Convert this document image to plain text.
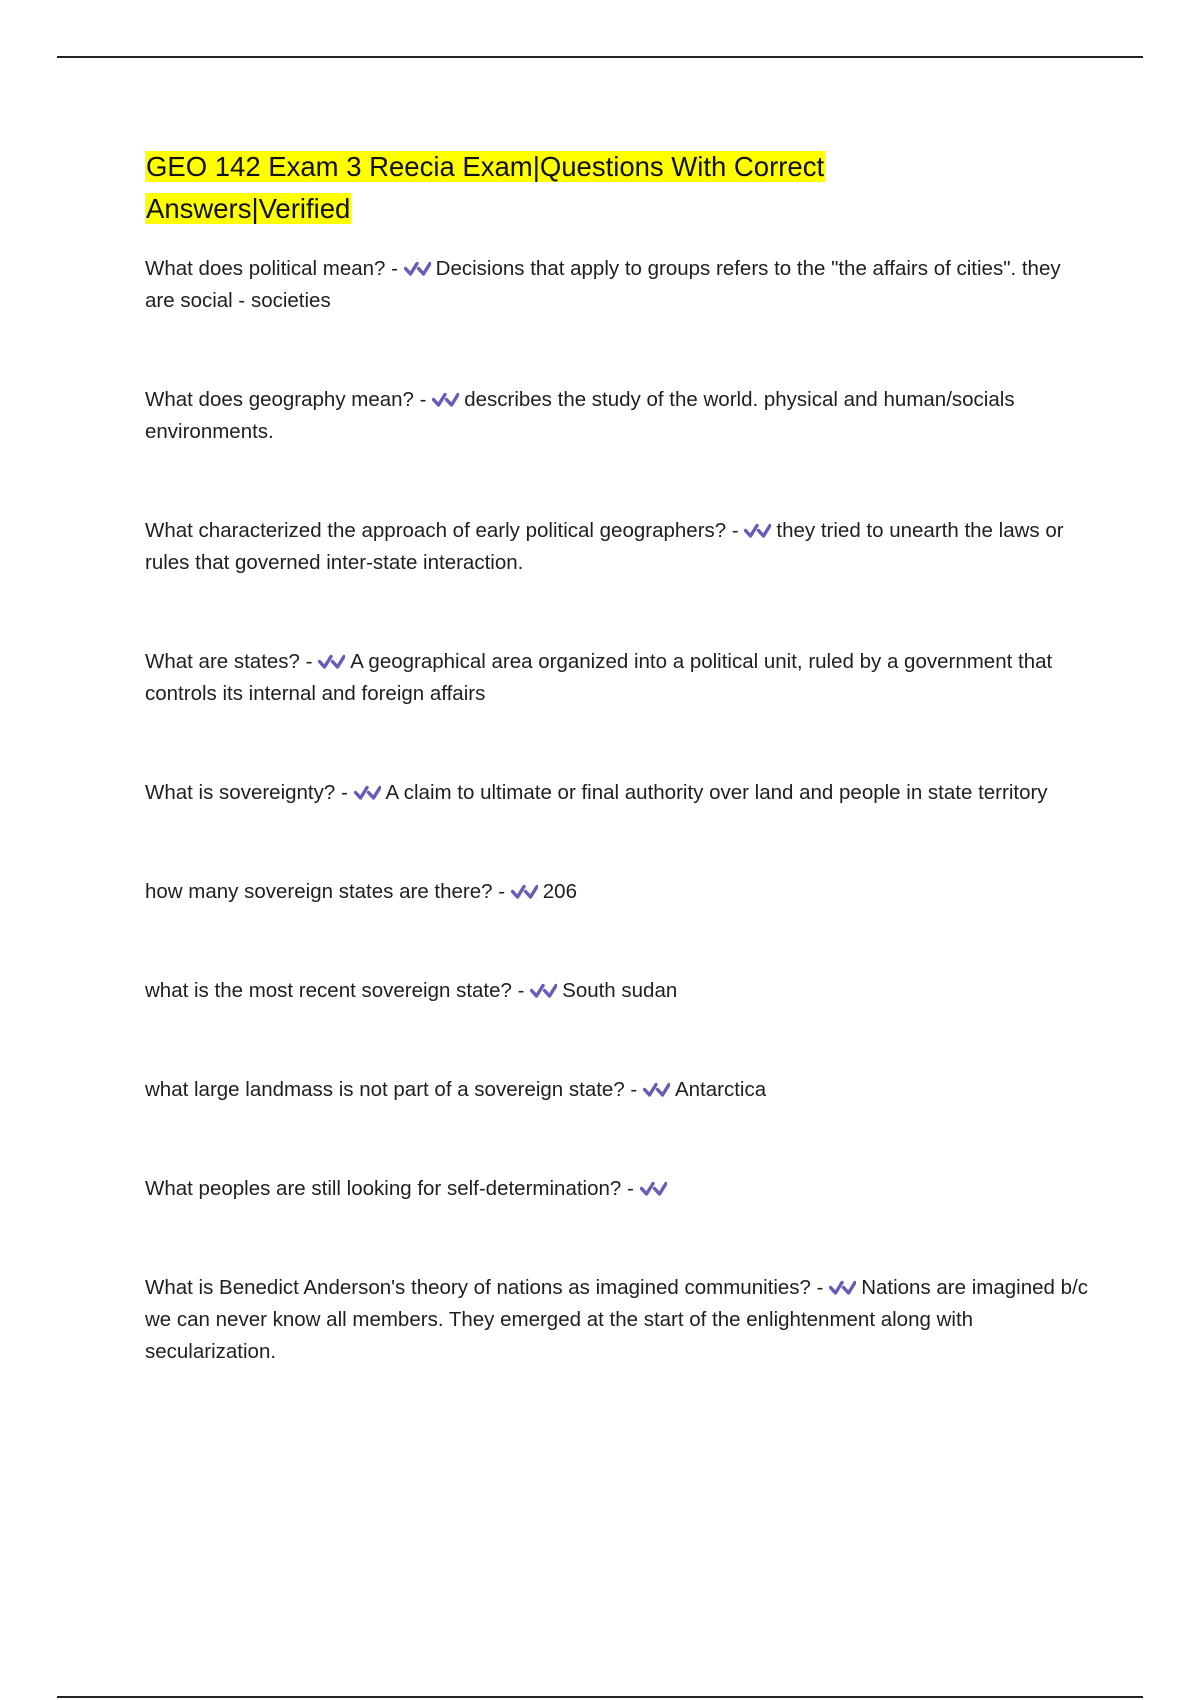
GEO 142 Exam 3 Reecia Exam|Questions With Correct
Answers|Verified

What does political mean? - Decisions that apply to groups refers to the "the affairs of cities". they are social - societies

What does geography mean? - describes the study of the world. physical and human/socials environments.

What characterized the approach of early political geographers? - they tried to unearth the laws or rules that governed inter-state interaction.

What are states? - A geographical area organized into a political unit, ruled by a government that controls its internal and foreign affairs

What is sovereignty? - A claim to ultimate or final authority over land and people in state territory

how many sovereign states are there? - 206

what is the most recent sovereign state? - South sudan

what large landmass is not part of a sovereign state? - Antarctica

What peoples are still looking for self-determination? -

What is Benedict Anderson's theory of nations as imagined communities? - Nations are imagined b/c we can never know all members. They emerged at the start of the enlightenment along with secularization.
